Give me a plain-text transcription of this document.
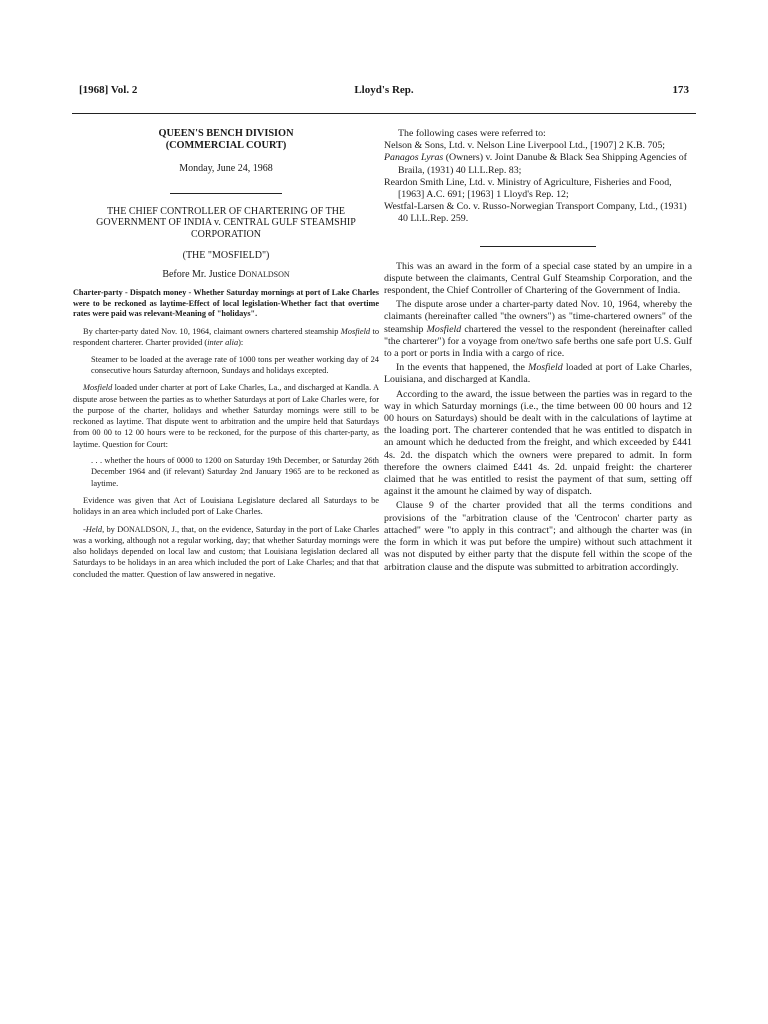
[1968] Vol. 2	Lloyd's Rep.	173
QUEEN'S BENCH DIVISION
(COMMERCIAL COURT)
Monday, June 24, 1968
THE CHIEF CONTROLLER OF CHARTERING OF THE GOVERNMENT OF INDIA v. CENTRAL GULF STEAMSHIP CORPORATION
(THE "MOSFIELD")
Before Mr. Justice DONALDSON
Charter-party - Dispatch money - Whether Saturday mornings at port of Lake Charles were to be reckoned as laytime-Effect of local legislation-Whether fact that overtime rates were paid was relevant-Meaning of "holidays".

By charter-party dated Nov. 10, 1964, claimant owners chartered steamship Mosfield to respondent charterer. Charter provided (inter alia):

Steamer to be loaded at the average rate of 1000 tons per weather working day of 24 consecutive hours Saturday afternoon, Sundays and holidays excepted.

Mosfield loaded under charter at port of Lake Charles, La., and discharged at Kandla. A dispute arose between the parties as to whether Saturdays at port of Lake Charles were, for the purpose of the charter, holidays and whether Saturday mornings were still to be reckoned as laytime. That dispute went to arbitration and the umpire held that Saturdays from 00 00 to 12 00 hours were to be reckoned, for the purpose of this charter-party, as laytime. Question for Court:

. . . whether the hours of 0000 to 1200 on Saturday 19th December, or Saturday 26th December 1964 and (if relevant) Saturday 2nd January 1965 are to be reckoned as laytime.

Evidence was given that Act of Louisiana Legislature declared all Saturdays to be holidays in an area which included port of Lake Charles.

-Held, by DONALDSON, J., that, on the evidence, Saturday in the port of Lake Charles was a working, although not a regular working, day; that whether Saturday mornings were also holidays depended on local law and custom; that Louisiana legislation declared all Saturdays to be holidays in an area which included the port of Lake Charles; and that that concluded the matter. Question of law answered in negative.

The following cases were referred to:

Nelson & Sons, Ltd. v. Nelson Line Liverpool Ltd., [1907] 2 K.B. 705;

Panagos Lyras (Owners) v. Joint Danube & Black Sea Shipping Agencies of Braila, (1931) 40 Ll.L.Rep. 83;

Reardon Smith Line, Ltd. v. Ministry of Agriculture, Fisheries and Food, [1963] A.C. 691; [1963] 1 Lloyd's Rep. 12;

Westfal-Larsen & Co. v. Russo-Norwegian Transport Company, Ltd., (1931) 40 Ll.L.Rep. 259.

This was an award in the form of a special case stated by an umpire in a dispute between the claimants, Central Gulf Steamship Corporation, and the respondent, the Chief Controller of Chartering of the Government of India.

The dispute arose under a charter-party dated Nov. 10, 1964, whereby the claimants (hereinafter called "the owners") as "time-chartered owners" of the steamship Mosfield chartered the vessel to the respondent (hereinafter called "the charterer") for a voyage from one/two safe berths one safe port U.S. Gulf to a port or ports in India with a cargo of rice.

In the events that happened, the Mosfield loaded at port of Lake Charles, Louisiana, and discharged at Kandla.

According to the award, the issue between the parties was in regard to the way in which Saturday mornings (i.e., the time between 00 00 hours and 12 00 hours on Saturdays) should be dealt with in the calculations of laytime at the loading port. The charterer contended that he was entitled to dispatch in an amount which he deducted from the freight, and which exceeded by £441 4s. 2d. the dispatch which the owners were prepared to admit. In form therefore the owners claimed £441 4s. 2d. unpaid freight: the charterer claimed that he was entitled to resist the payment of that sum, setting off against it the amount he claimed by way of dispatch.

Clause 9 of the charter provided that all the terms conditions and provisions of the "arbitration clause of the 'Centrocon' charter party as attached" were "to apply in this contract"; and although the charter was (in the form in which it was put before the umpire) without such attachment it was not disputed by either party that the dispute fell within the scope of the arbitration clause and the dispute was submitted to arbitration accordingly.
